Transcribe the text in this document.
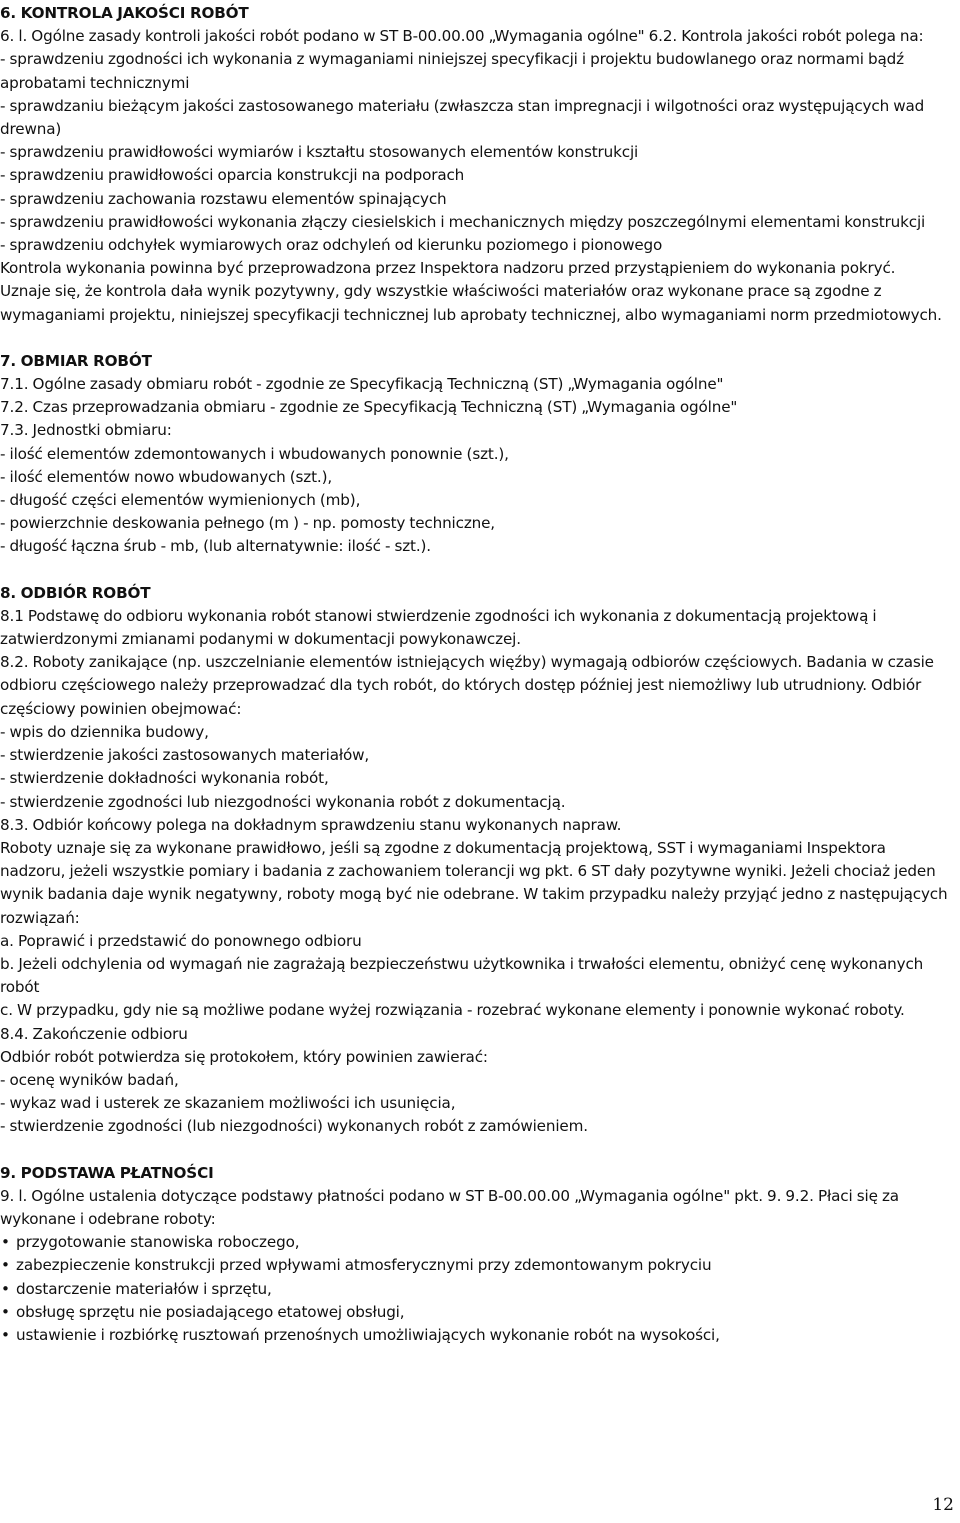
6. KONTROLA JAKOŚCI ROBÓT

6. l. Ogólne zasady kontroli jakości robót podano w ST B-00.00.00 „Wymagania ogólne" 6.2. Kontrola jakości robót polega na:

- sprawdzeniu zgodności ich wykonania z wymaganiami niniejszej specyfikacji i projektu budowlanego oraz normami bądź aprobatami technicznymi

- sprawdzaniu bieżącym jakości zastosowanego materiału (zwłaszcza stan impregnacji i wilgotności oraz występujących wad drewna)

- sprawdzeniu prawidłowości wymiarów i kształtu stosowanych elementów konstrukcji

- sprawdzeniu prawidłowości oparcia konstrukcji na podporach

- sprawdzeniu zachowania rozstawu elementów spinających

- sprawdzeniu prawidłowości wykonania złączy ciesielskich i mechanicznych między poszczególnymi elementami konstrukcji

- sprawdzeniu odchyłek wymiarowych oraz odchyleń od kierunku poziomego i pionowego

Kontrola wykonania powinna być przeprowadzona przez Inspektora nadzoru przed przystąpieniem do wykonania pokryć. Uznaje się, że kontrola dała wynik pozytywny, gdy wszystkie właściwości materiałów oraz wykonane prace są zgodne z wymaganiami projektu, niniejszej specyfikacji technicznej lub aprobaty technicznej, albo wymaganiami norm przedmiotowych.

7. OBMIAR ROBÓT

7.1. Ogólne zasady obmiaru robót - zgodnie ze Specyfikacją Techniczną (ST) „Wymagania ogólne"

7.2. Czas przeprowadzania obmiaru - zgodnie ze Specyfikacją Techniczną (ST) „Wymagania ogólne"

7.3. Jednostki obmiaru:

- ilość elementów zdemontowanych i wbudowanych ponownie (szt.),

- ilość elementów nowo wbudowanych (szt.),

- długość części elementów wymienionych (mb),

- powierzchnie deskowania pełnego (m ) - np. pomosty techniczne,

- długość łączna śrub - mb, (lub alternatywnie: ilość - szt.).

8. ODBIÓR ROBÓT

8.1 Podstawę do odbioru wykonania robót stanowi stwierdzenie zgodności ich wykonania z dokumentacją projektową i zatwierdzonymi zmianami podanymi w dokumentacji powykonawczej.

8.2. Roboty zanikające (np. uszczelnianie elementów istniejących więźby) wymagają odbiorów częściowych. Badania w czasie odbioru częściowego należy przeprowadzać dla tych robót, do których dostęp później jest niemożliwy lub utrudniony. Odbiór częściowy powinien obejmować:

- wpis do dziennika budowy,

- stwierdzenie jakości zastosowanych materiałów,

- stwierdzenie dokładności wykonania robót,

- stwierdzenie zgodności lub niezgodności wykonania robót z dokumentacją.

8.3. Odbiór końcowy polega na dokładnym sprawdzeniu stanu wykonanych napraw.

Roboty uznaje się za wykonane prawidłowo, jeśli są zgodne z dokumentacją projektową, SST i wymaganiami Inspektora nadzoru, jeżeli wszystkie pomiary i badania z zachowaniem tolerancji wg pkt. 6 ST dały pozytywne wyniki. Jeżeli chociaż jeden wynik badania daje wynik negatywny, roboty mogą być nie odebrane. W takim przypadku należy przyjąć jedno z następujących rozwiązań:

a. Poprawić i przedstawić do ponownego odbioru

b. Jeżeli odchylenia od wymagań nie zagrażają bezpieczeństwu użytkownika i trwałości elementu, obniżyć cenę wykonanych robót

c. W przypadku, gdy nie są możliwe podane wyżej rozwiązania - rozebrać wykonane elementy i ponownie wykonać roboty.

8.4. Zakończenie odbioru

Odbiór robót potwierdza się protokołem, który powinien zawierać:

- ocenę wyników badań,

- wykaz wad i usterek ze skazaniem możliwości ich usunięcia,

- stwierdzenie zgodności (lub niezgodności) wykonanych robót z zamówieniem.

9. PODSTAWA PŁATNOŚCI

9. l. Ogólne ustalenia dotyczące podstawy płatności podano w ST B-00.00.00 „Wymagania ogólne" pkt. 9. 9.2. Płaci się za wykonane i odebrane roboty:

• przygotowanie stanowiska roboczego,

• zabezpieczenie konstrukcji przed wpływami atmosferycznymi przy zdemontowanym pokryciu

• dostarczenie materiałów i sprzętu,

• obsługę sprzętu nie posiadającego etatowej obsługi,

• ustawienie i rozbiórkę rusztowań przenośnych umożliwiających wykonanie robót na wysokości,

12
